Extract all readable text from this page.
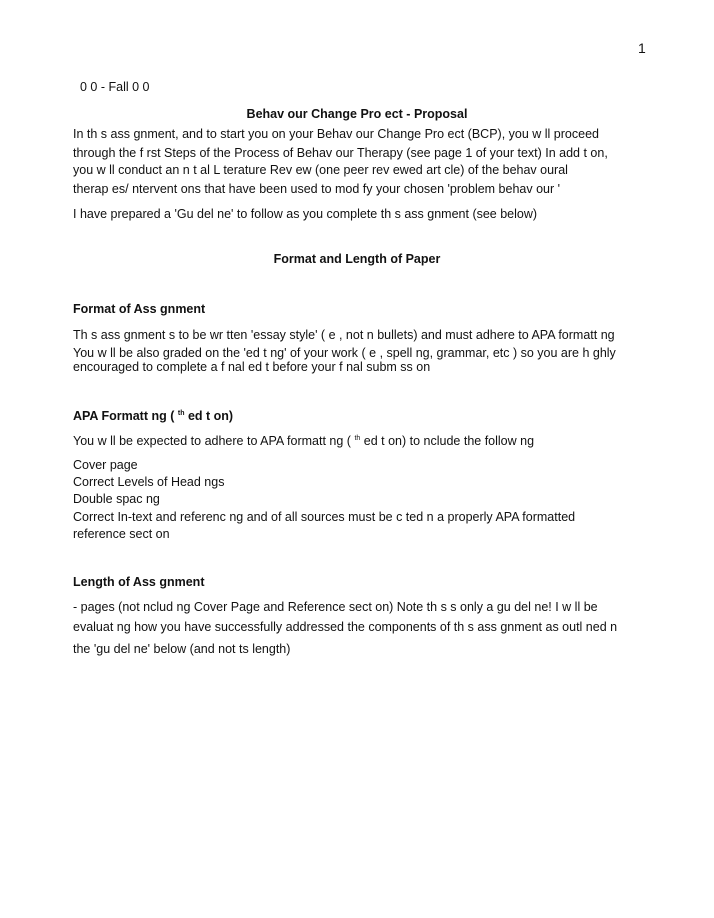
1
0 0 - Fall 0 0
Behav our Change Pro ect - Proposal
In th s ass gnment, and to start you on your Behav our Change Pro ect (BCP), you w ll proceed
through the f rst Steps of the Process of Behav our Therapy (see page 1 of your text) In add t on,
you w ll conduct an n t al L terature Rev ew (one peer rev ewed art cle) of the behav oural
therap es/ ntervent ons that have been used to mod fy your chosen 'problem behav our '
I have prepared a 'Gu del ne' to follow as you complete th s ass gnment (see below)
Format and Length of Paper
Format of Ass gnment
Th s ass gnment s to be wr tten 'essay style' ( e , not n bullets) and must adhere to APA formatt ng
You w ll be also graded on the 'ed t ng' of your work ( e , spell ng, grammar, etc ) so you are h ghly
encouraged to complete a f nal ed t before your f nal subm ss on
APA Formatt ng ( $^{th}$ ed t on)
You w ll be expected to adhere to APA formatt ng ( $^{th}$ ed t on) to nclude the follow ng
Cover page
Correct Levels of Head ngs
Double spac ng
Correct In-text and referenc ng and of all sources must be c ted n a properly APA formatted
reference sect on
Length of Ass gnment
- pages (not nclud ng Cover Page and Reference sect on) Note th s s only a gu del ne! I w ll be
evaluat ng how you have successfully addressed the components of th s ass gnment as outl ned n
the 'gu del ne' below (and not ts length)
